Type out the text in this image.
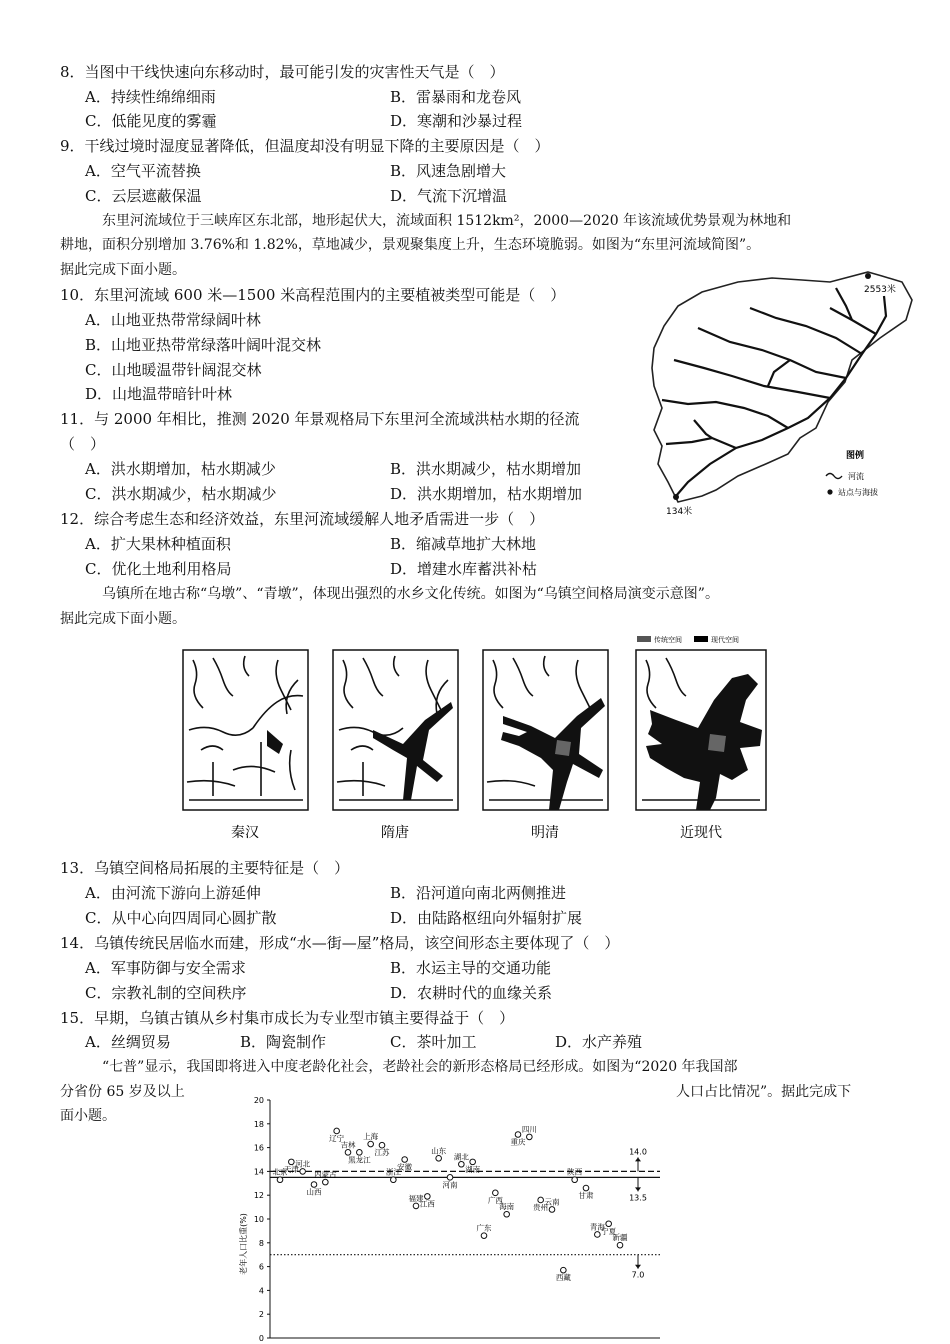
8．当图中干线快速向东移动时，最可能引发的灾害性天气是（　）
A．持续性绵绵细雨	B．雷暴雨和龙卷风
C．低能见度的雾霾	D．寒潮和沙暴过程
9．干线过境时湿度显著降低，但温度却没有明显下降的主要原因是（　）
A．空气平流替换	B．风速急剧增大
C．云层遮蔽保温	D．气流下沉增温
东里河流域位于三峡库区东北部，地形起伏大，流域面积 1512km²，2000—2020 年该流域优势景观为林地和
耕地，面积分别增加 3.76%和 1.82%，草地减少，景观聚集度上升，生态环境脆弱。如图为“东里河流域简图”。
据此完成下面小题。
10．东里河流域 600 米—1500 米高程范围内的主要植被类型可能是（　）
A．山地亚热带常绿阔叶林
B．山地亚热带常绿落叶阔叶混交林
C．山地暖温带针阔混交林
D．山地温带暗针叶林
11．与 2000 年相比，推测 2020 年景观格局下东里河全流域洪枯水期的径流
（　）
A．洪水期增加，枯水期减少	B．洪水期减少，枯水期增加
C．洪水期减少，枯水期减少	D．洪水期增加，枯水期增加
12．综合考虑生态和经济效益，东里河流域缓解人地矛盾需进一步（　）
A．扩大果林种植面积	B．缩减草地扩大林地
C．优化土地利用格局	D．增建水库蓄洪补枯
乌镇所在地古称“乌墩”、“青墩”，体现出强烈的水乡文化传统。如图为“乌镇空间格局演变示意图”。
据此完成下面小题。
2553米
134米
图例
河流
站点与海拔
传统空间	现代空间
秦汉	隋唐	明清	近现代
13．乌镇空间格局拓展的主要特征是（　）
A．由河流下游向上游延伸	B．沿河道向南北两侧推进
C．从中心向四周同心圆扩散	D．由陆路枢纽向外辐射扩展
14．乌镇传统民居临水而建，形成“水—街—屋”格局，该空间形态主要体现了（　）
A．军事防御与安全需求	B．水运主导的交通功能
C．宗教礼制的空间秩序	D．农耕时代的血缘关系
15．早期，乌镇古镇从乡村集市成长为专业型市镇主要得益于（　）
A．丝绸贸易	B．陶瓷制作	C．茶叶加工	D．水产养殖
“七普”显示，我国即将进入中度老龄化社会，老龄社会的新形态格局已经形成。如图为“2020 年我国部
分省份 65 岁及以上	人口占比情况”。据此完成下
面小题。
老年人口比重(%)
0
2
4
6
8
10
12
14
16
18
20
14.0
13.5
7.0
北京
天津
河北
山西
内蒙古
辽宁
吉林
黑龙江
上海
江苏
浙江
安徽
福建
江西
山东
河南
湖北
湖南
广东
广西
海南
重庆
四川
贵州
云南
西藏
陕西
甘肃
青海
宁夏
新疆
